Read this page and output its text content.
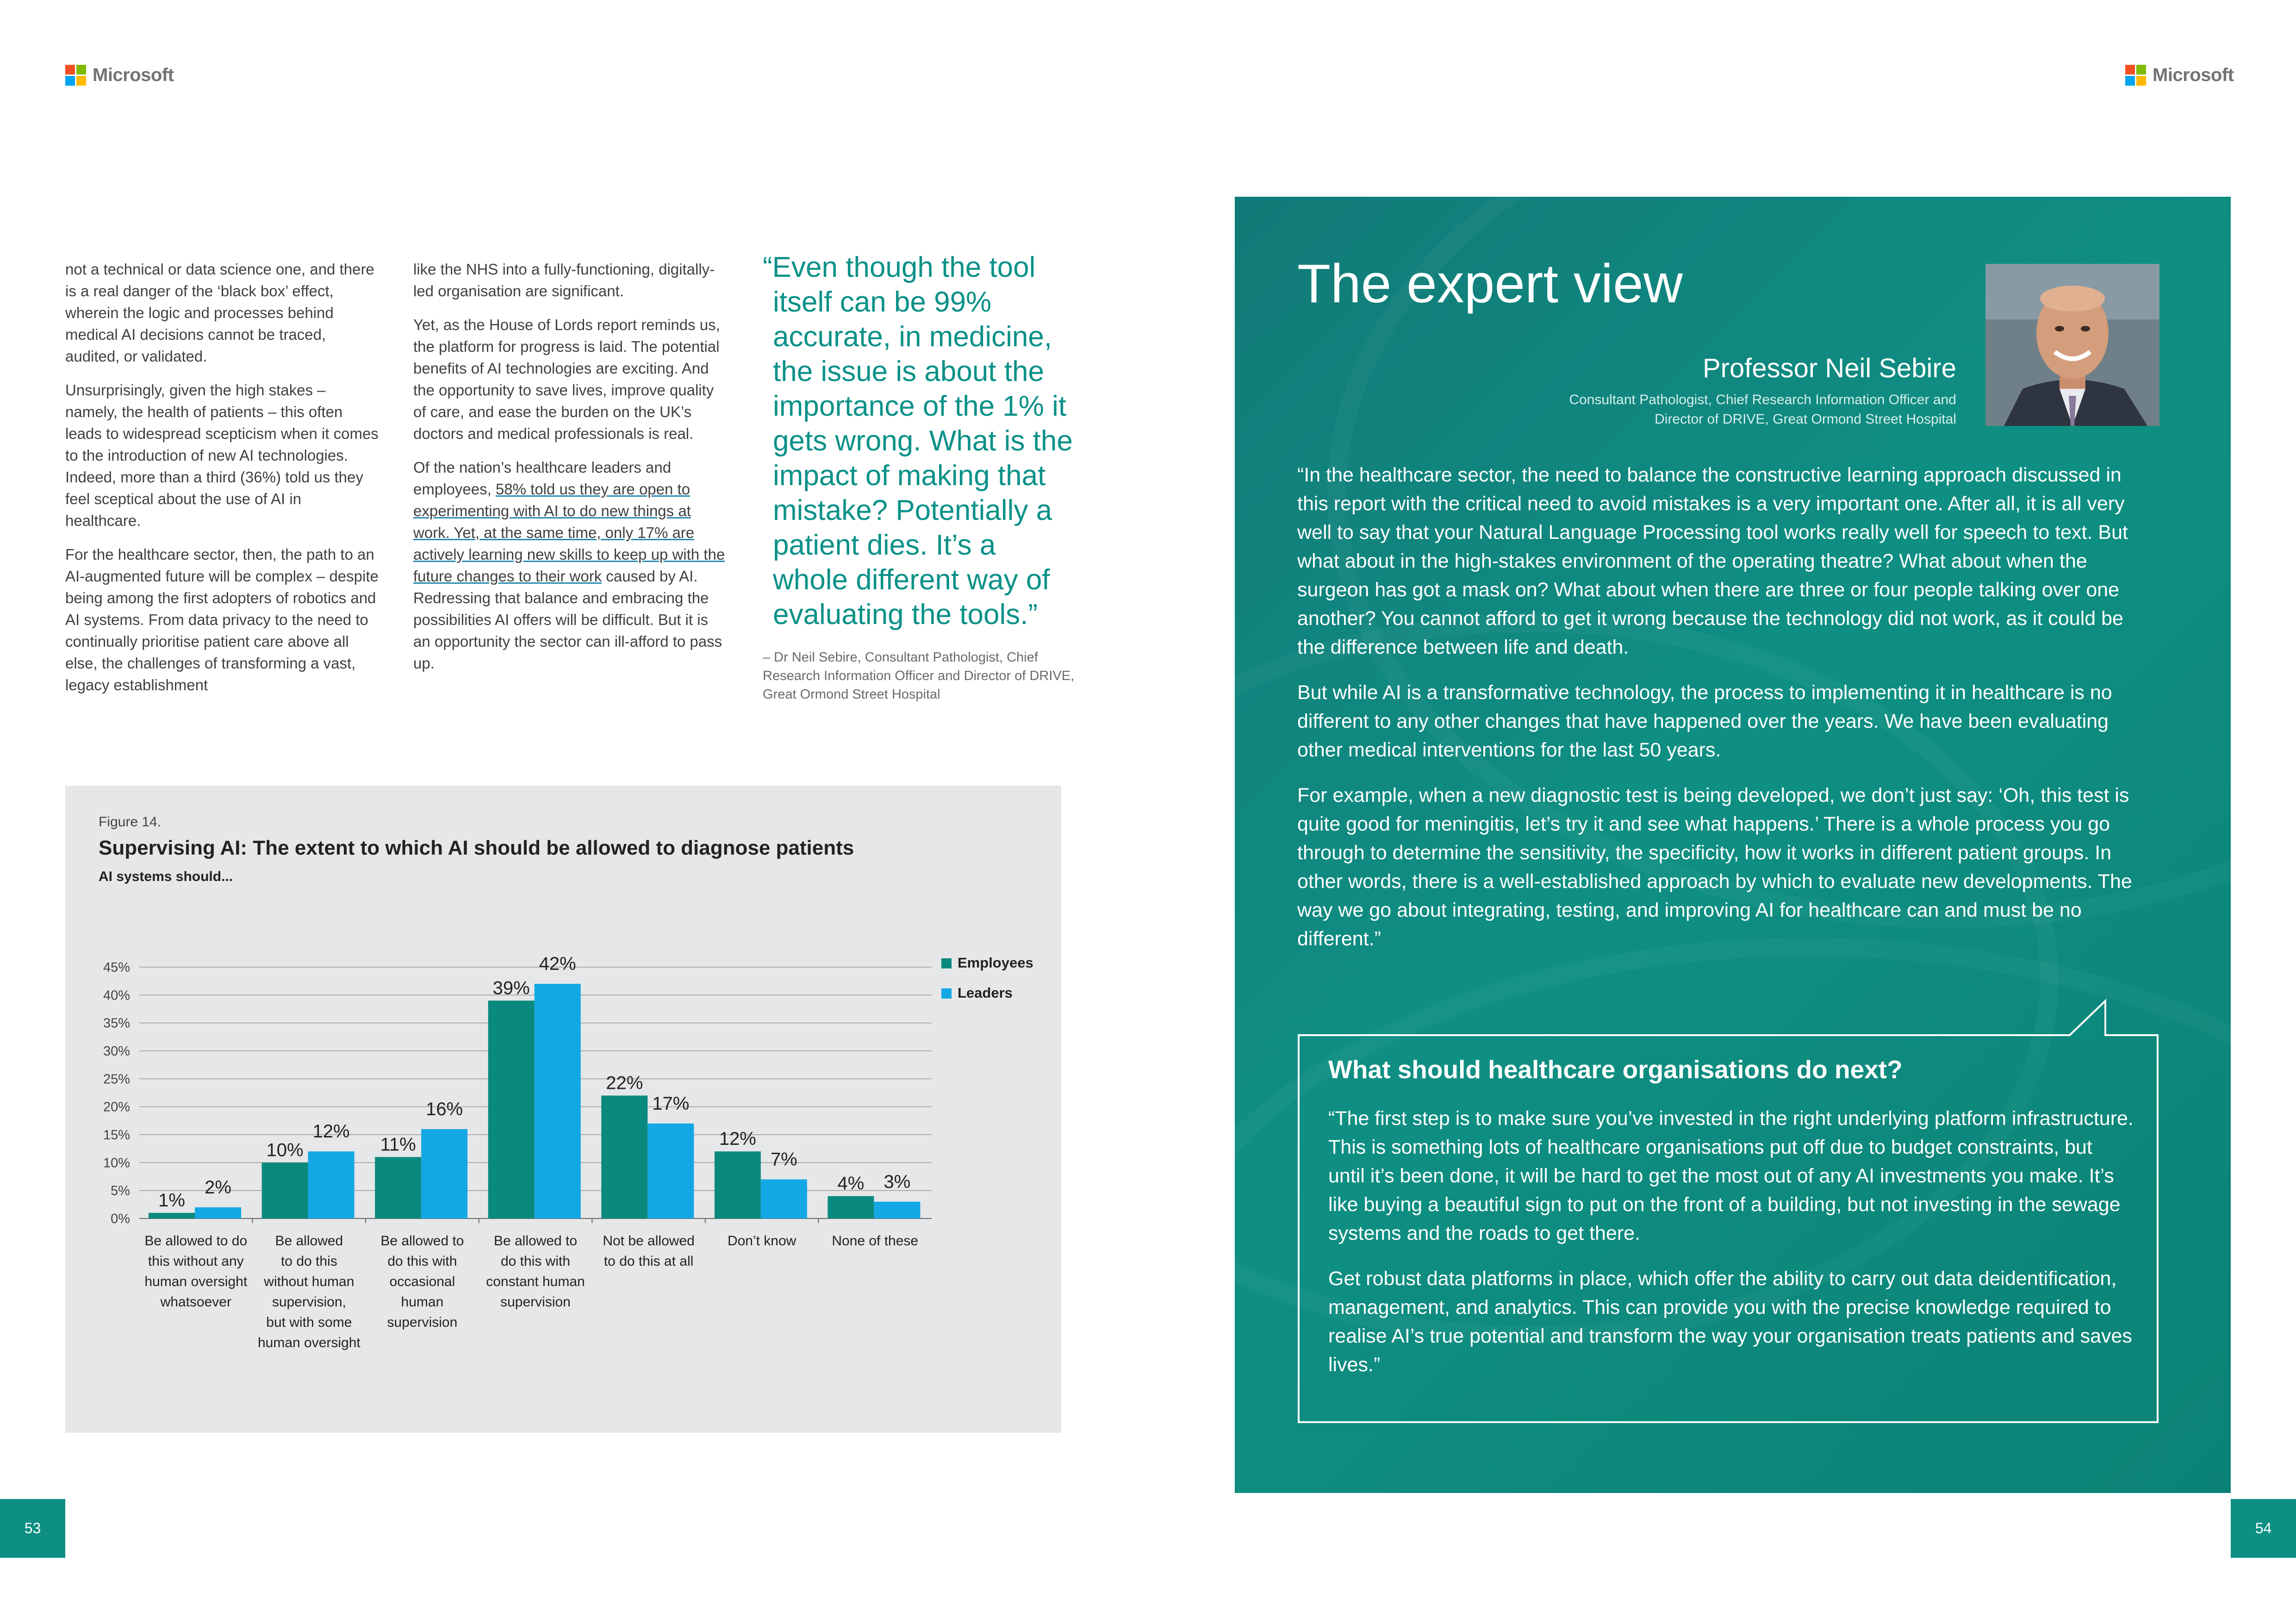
Microsoft	Microsoft

not a technical or data science one, and there is a real danger of the ‘black box’ effect, wherein the logic and processes behind medical AI decisions cannot be traced, audited, or validated.

Unsurprisingly, given the high stakes – namely, the health of patients – this often leads to widespread scepticism when it comes to the introduction of new AI technologies. Indeed, more than a third (36%) told us they feel sceptical about the use of AI in healthcare.

For the healthcare sector, then, the path to an AI-augmented future will be complex – despite being among the first adopters of robotics and AI systems. From data privacy to the need to continually prioritise patient care above all else, the challenges of transforming a vast, legacy establishment

like the NHS into a fully-functioning, digitally-led organisation are significant.

Yet, as the House of Lords report reminds us, the platform for progress is laid. The potential benefits of AI technologies are exciting. And the opportunity to save lives, improve quality of care, and ease the burden on the UK’s doctors and medical professionals is real.

Of the nation’s healthcare leaders and employees, 58% told us they are open to experimenting with AI to do new things at work. Yet, at the same time, only 17% are actively learning new skills to keep up with the future changes to their work caused by AI. Redressing that balance and embracing the possibilities AI offers will be difficult. But it is an opportunity the sector can ill-afford to pass up.

“Even though the tool itself can be 99% accurate, in medicine, the issue is about the importance of the 1% it gets wrong. What is the impact of making that mistake? Potentially a patient dies. It’s a whole different way of evaluating the tools.”
– Dr Neil Sebire, Consultant Pathologist, Chief Research Information Officer and Director of DRIVE, Great Ormond Street Hospital
Figure 14.
Supervising AI: The extent to which AI should be allowed to diagnose patients
AI systems should...
0%
5%
10%
15%
20%
25%
30%
35%
40%
45%
1%
2%
Be allowed to do
this without any
human oversight
whatsoever
10%
12%
Be allowed
to do this
without human
supervision,
but with some
human oversight
11%
16%
Be allowed to
do this with
occasional
human
supervision
39%
42%
Be allowed to
do this with
constant human
supervision
22%
17%
Not be allowed
to do this at all
12%
7%
Don’t know
4% 3%
None of these
Employees
Leaders
53	54
The expert view
Professor Neil Sebire
Consultant Pathologist, Chief Research Information Officer and
Director of DRIVE, Great Ormond Street Hospital

“In the healthcare sector, the need to balance the constructive learning approach discussed in this report with the critical need to avoid mistakes is a very important one. After all, it is all very well to say that your Natural Language Processing tool works really well for speech to text. But what about in the high-stakes environment of the operating theatre? What about when the surgeon has got a mask on? What about when there are three or four people talking over one another? You cannot afford to get it wrong because the technology did not work, as it could be the difference between life and death.

But while AI is a transformative technology, the process to implementing it in healthcare is no different to any other changes that have happened over the years. We have been evaluating other medical interventions for the last 50 years.

For example, when a new diagnostic test is being developed, we don’t just say: ‘Oh, this test is quite good for meningitis, let’s try it and see what happens.’ There is a whole process you go through to determine the sensitivity, the specificity, how it works in different patient groups. In other words, there is a well-established approach by which to evaluate new developments. The way we go about integrating, testing, and improving AI for healthcare can and must be no different.”

What should healthcare organisations do next?

“The first step is to make sure you’ve invested in the right underlying platform infrastructure. This is something lots of healthcare organisations put off due to budget constraints, but until it’s been done, it will be hard to get the most out of any AI investments you make. It’s like buying a beautiful sign to put on the front of a building, but not investing in the sewage systems and the roads to get there.

Get robust data platforms in place, which offer the ability to carry out data deidentification, management, and analytics. This can provide you with the precise knowledge required to realise AI’s true potential and transform the way your organisation treats patients and saves lives.”
